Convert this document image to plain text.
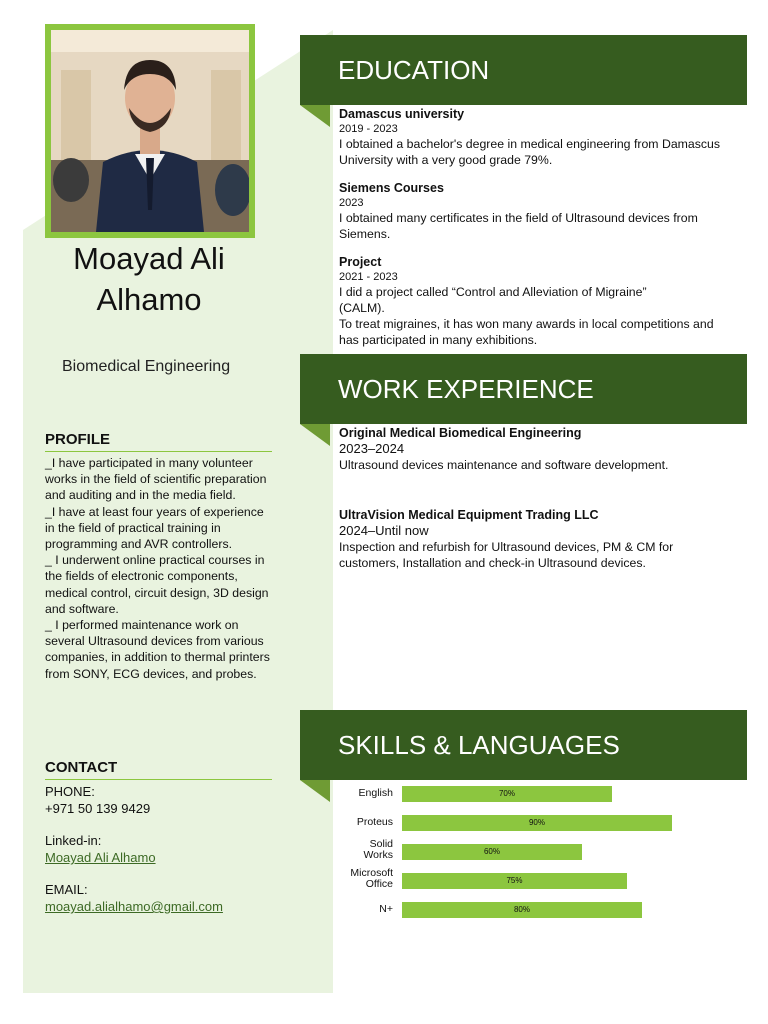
Moayad Ali
Alhamo
Biomedical Engineering
PROFILE

_I have participated in many volunteer works in the field of scientific preparation and auditing and in the media field.

_I have at least four years of experience in the field of practical training in programming and AVR controllers.

_ I underwent online practical courses in the fields of electronic components, medical control, circuit design, 3D design and software.

_ I performed maintenance work on several Ultrasound devices from various companies, in addition to thermal printers from SONY, ECG devices, and probes.

CONTACT
PHONE:
+971 50 139 9429
Linked-in:
Moayad Ali Alhamo
EMAIL:
moayad.alialhamo@gmail.com
EDUCATION
Damascus university
2019 - 2023

I obtained a bachelor's degree in medical engineering from Damascus University with a very good grade 79%.

Siemens Courses
2023

I obtained many certificates in the field of Ultrasound devices from Siemens.

Project
2021 - 2023

I did a project called “Control and Alleviation of Migraine” (CALM).

To treat migraines, it has won many awards in local competitions and has participated in many exhibitions.

WORK EXPERIENCE
Original Medical Biomedical Engineering
2023–2024

Ultrasound devices maintenance and software development.

UltraVision Medical Equipment Trading LLC
2024–Until now

Inspection and refurbish for Ultrasound devices, PM & CM for customers, Installation and check-in Ultrasound devices.

SKILLS & LANGUAGES
English	70%
Proteus	90%
Solid Works	60%
Microsoft Office	75%
N+	80%
